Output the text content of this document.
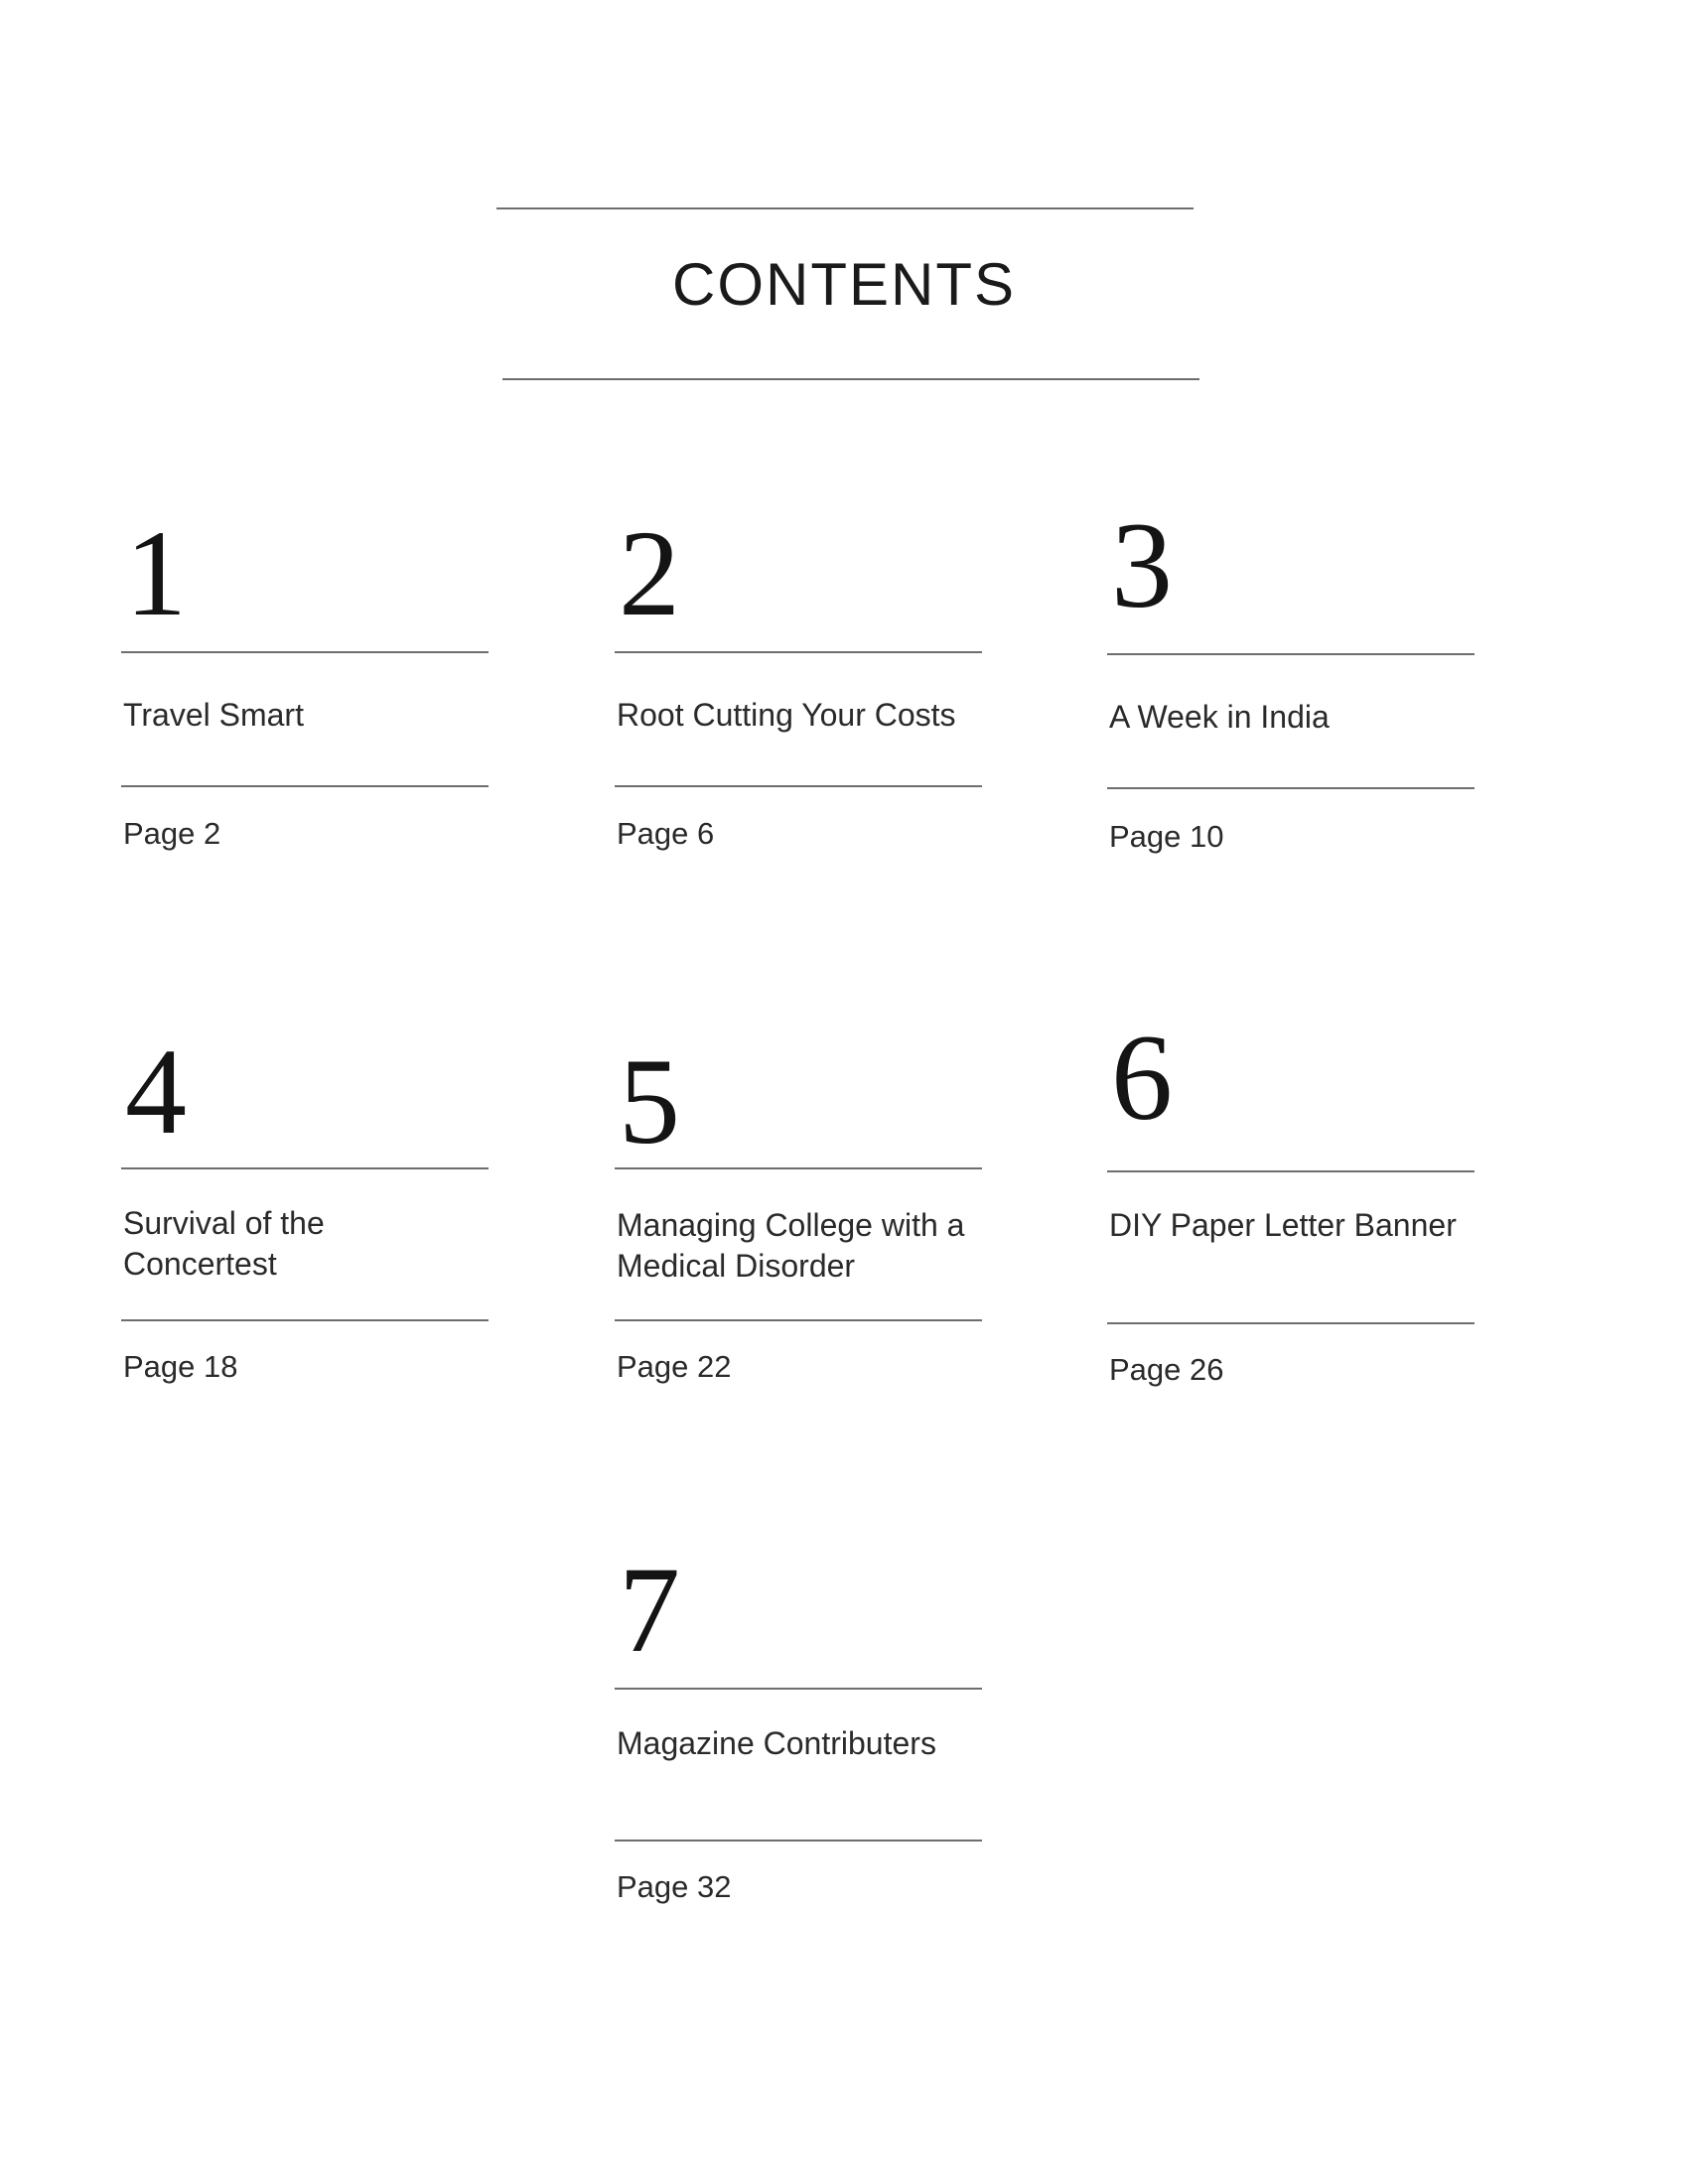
CONTENTS
1
Travel Smart
Page 2
2
Root Cutting Your Costs
Page 6
3
A Week in India
Page 10
4
Survival of the Concertest
Page 18
5
Managing College with a Medical Disorder
Page 22
6
DIY Paper Letter Banner
Page 26
7
Magazine Contributers
Page 32
